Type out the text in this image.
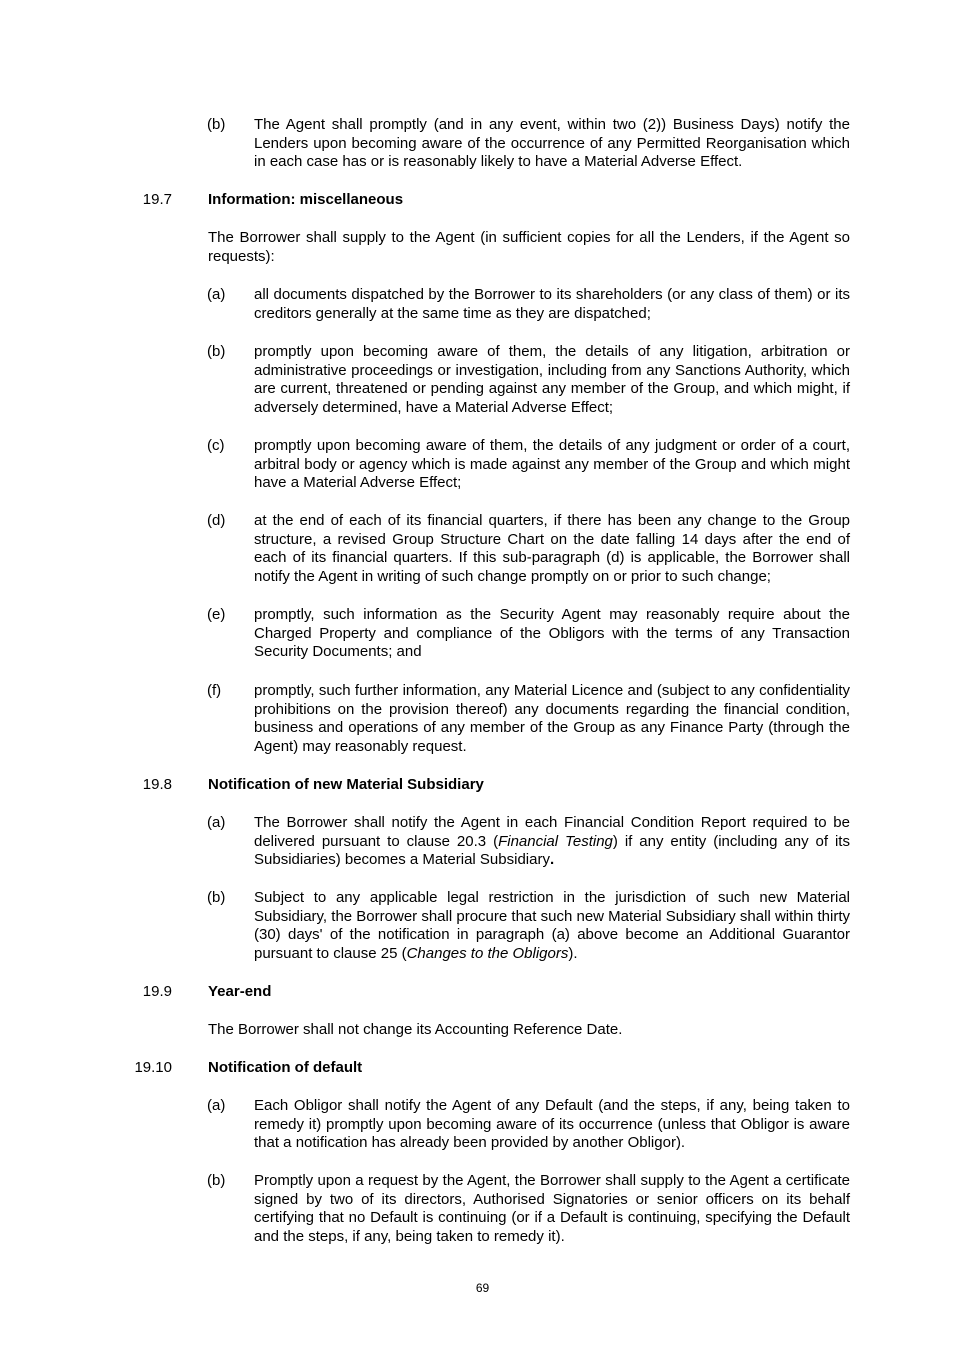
(b) The Agent shall promptly (and in any event, within two (2)) Business Days) notify the Lenders upon becoming aware of the occurrence of any Permitted Reorganisation which in each case has or is reasonably likely to have a Material Adverse Effect.

19.7 Information: miscellaneous

The Borrower shall supply to the Agent (in sufficient copies for all the Lenders, if the Agent so requests):

(a) all documents dispatched by the Borrower to its shareholders (or any class of them) or its creditors generally at the same time as they are dispatched;

(b) promptly upon becoming aware of them, the details of any litigation, arbitration or administrative proceedings or investigation, including from any Sanctions Authority, which are current, threatened or pending against any member of the Group, and which might, if adversely determined, have a Material Adverse Effect;

(c) promptly upon becoming aware of them, the details of any judgment or order of a court, arbitral body or agency which is made against any member of the Group and which might have a Material Adverse Effect;

(d) at the end of each of its financial quarters, if there has been any change to the Group structure, a revised Group Structure Chart on the date falling 14 days after the end of each of its financial quarters. If this sub-paragraph (d) is applicable, the Borrower shall notify the Agent in writing of such change promptly on or prior to such change;

(e) promptly, such information as the Security Agent may reasonably require about the Charged Property and compliance of the Obligors with the terms of any Transaction Security Documents; and

(f) promptly, such further information, any Material Licence and (subject to any confidentiality prohibitions on the provision thereof) any documents regarding the financial condition, business and operations of any member of the Group as any Finance Party (through the Agent) may reasonably request.

19.8 Notification of new Material Subsidiary
(a) The Borrower shall notify the Agent in each Financial Condition Report required to be delivered pursuant to clause 20.3 (Financial Testing) if any entity (including any of its Subsidiaries) becomes a Material Subsidiary.

(b) Subject to any applicable legal restriction in the jurisdiction of such new Material Subsidiary, the Borrower shall procure that such new Material Subsidiary shall within thirty (30) days' of the notification in paragraph (a) above become an Additional Guarantor pursuant to clause 25 (Changes to the Obligors).

19.9 Year-end

The Borrower shall not change its Accounting Reference Date.

19.10 Notification of default
(a) Each Obligor shall notify the Agent of any Default (and the steps, if any, being taken to remedy it) promptly upon becoming aware of its occurrence (unless that Obligor is aware that a notification has already been provided by another Obligor).

(b) Promptly upon a request by the Agent, the Borrower shall supply to the Agent a certificate signed by two of its directors, Authorised Signatories or senior officers on its behalf certifying that no Default is continuing (or if a Default is continuing, specifying the Default and the steps, if any, being taken to remedy it).

69
